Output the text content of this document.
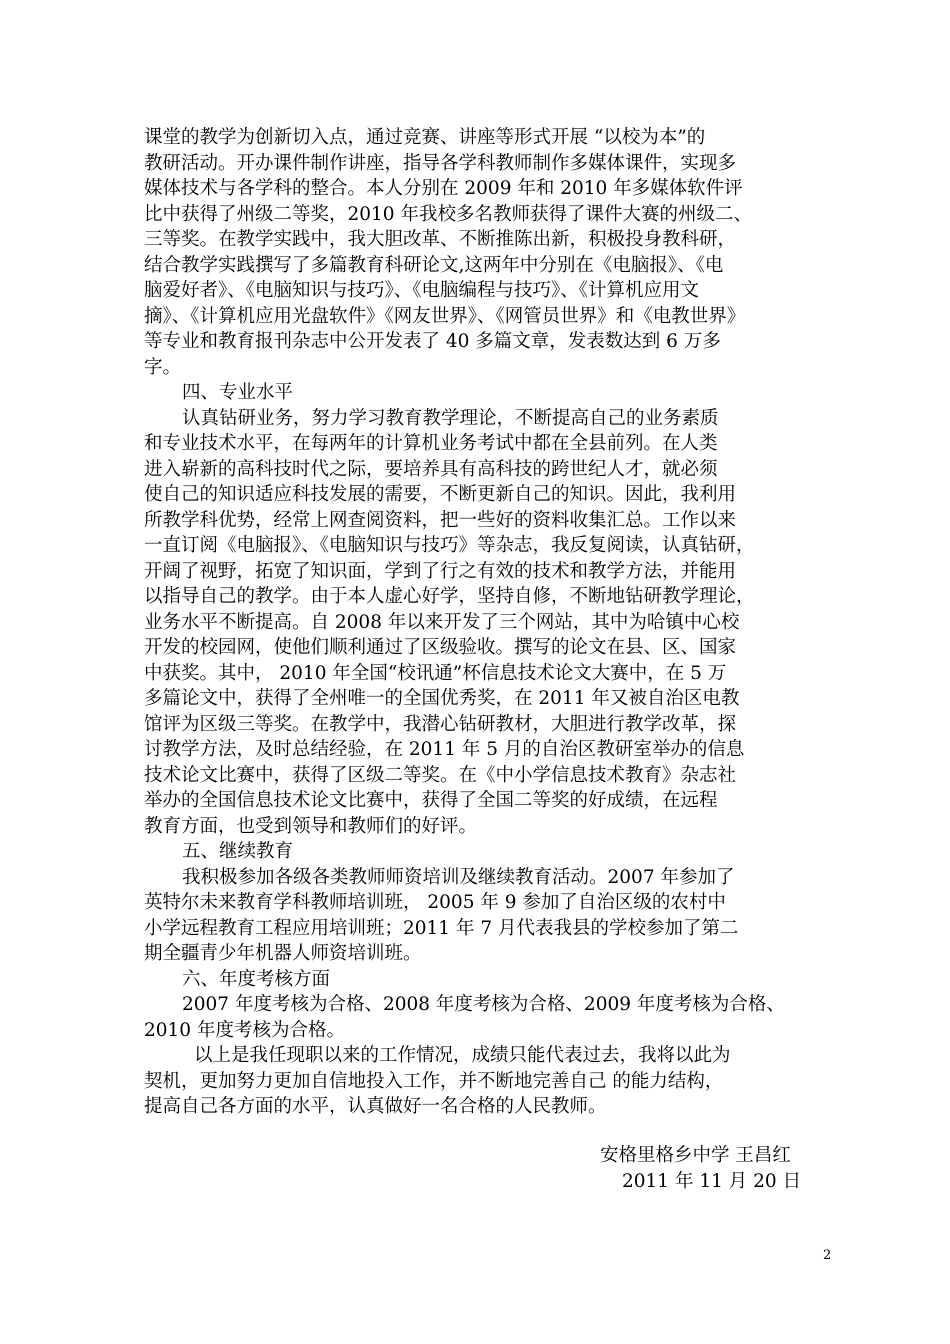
课堂的教学为创新切入点，通过竞赛、讲座等形式开展 “以校为本”的
教研活动。开办课件制作讲座，指导各学科教师制作多媒体课件，实现多
媒体技术与各学科的整合。本人分别在 2009 年和 2010 年多媒体软件评
比中获得了州级二等奖，2010 年我校多名教师获得了课件大赛的州级二、
三等奖。在教学实践中，我大胆改革、不断推陈出新，积极投身教科研，
结合教学实践撰写了多篇教育科研论文,这两年中分别在《电脑报》、《电
脑爱好者》、《电脑知识与技巧》、《电脑编程与技巧》、《计算机应用文
摘》、《计算机应用光盘软件》《网友世界》、《网管员世界》和《电教世界》
等专业和教育报刊杂志中公开发表了 40 多篇文章，发表数达到 6 万多
字。
四、专业水平
认真钻研业务，努力学习教育教学理论，不断提高自己的业务素质
和专业技术水平，在每两年的计算机业务考试中都在全县前列。在人类
进入崭新的高科技时代之际，要培养具有高科技的跨世纪人才，就必须
使自己的知识适应科技发展的需要，不断更新自己的知识。因此，我利用
所教学科优势，经常上网查阅资料，把一些好的资料收集汇总。工作以来
一直订阅《电脑报》、《电脑知识与技巧》等杂志，我反复阅读，认真钻研，
开阔了视野，拓宽了知识面，学到了行之有效的技术和教学方法，并能用
以指导自己的教学。由于本人虚心好学，坚持自修，不断地钻研教学理论，
业务水平不断提高。自 2008 年以来开发了三个网站，其中为哈镇中心校
开发的校园网，使他们顺利通过了区级验收。撰写的论文在县、区、国家
中获奖。其中， 2010 年全国“校讯通”杯信息技术论文大赛中，在 5 万
多篇论文中，获得了全州唯一的全国优秀奖，在 2011 年又被自治区电教
馆评为区级三等奖。在教学中，我潜心钻研教材，大胆进行教学改革，探
讨教学方法，及时总结经验，在 2011 年 5 月的自治区教研室举办的信息
技术论文比赛中，获得了区级二等奖。在《中小学信息技术教育》杂志社
举办的全国信息技术论文比赛中，获得了全国二等奖的好成绩，在远程
教育方面，也受到领导和教师们的好评。
五、继续教育
我积极参加各级各类教师师资培训及继续教育活动。2007 年参加了
英特尔未来教育学科教师培训班， 2005 年 9 参加了自治区级的农村中
小学远程教育工程应用培训班；2011 年 7 月代表我县的学校参加了第二
期全疆青少年机器人师资培训班。
六、年度考核方面
2007 年度考核为合格、2008 年度考核为合格、2009 年度考核为合格、
2010 年度考核为合格。
以上是我任现职以来的工作情况，成绩只能代表过去，我将以此为
契机，更加努力更加自信地投入工作，并不断地完善自己 的能力结构，
提高自己各方面的水平，认真做好一名合格的人民教师。
安格里格乡中学 王昌红
2011 年 11 月 20 日
2
